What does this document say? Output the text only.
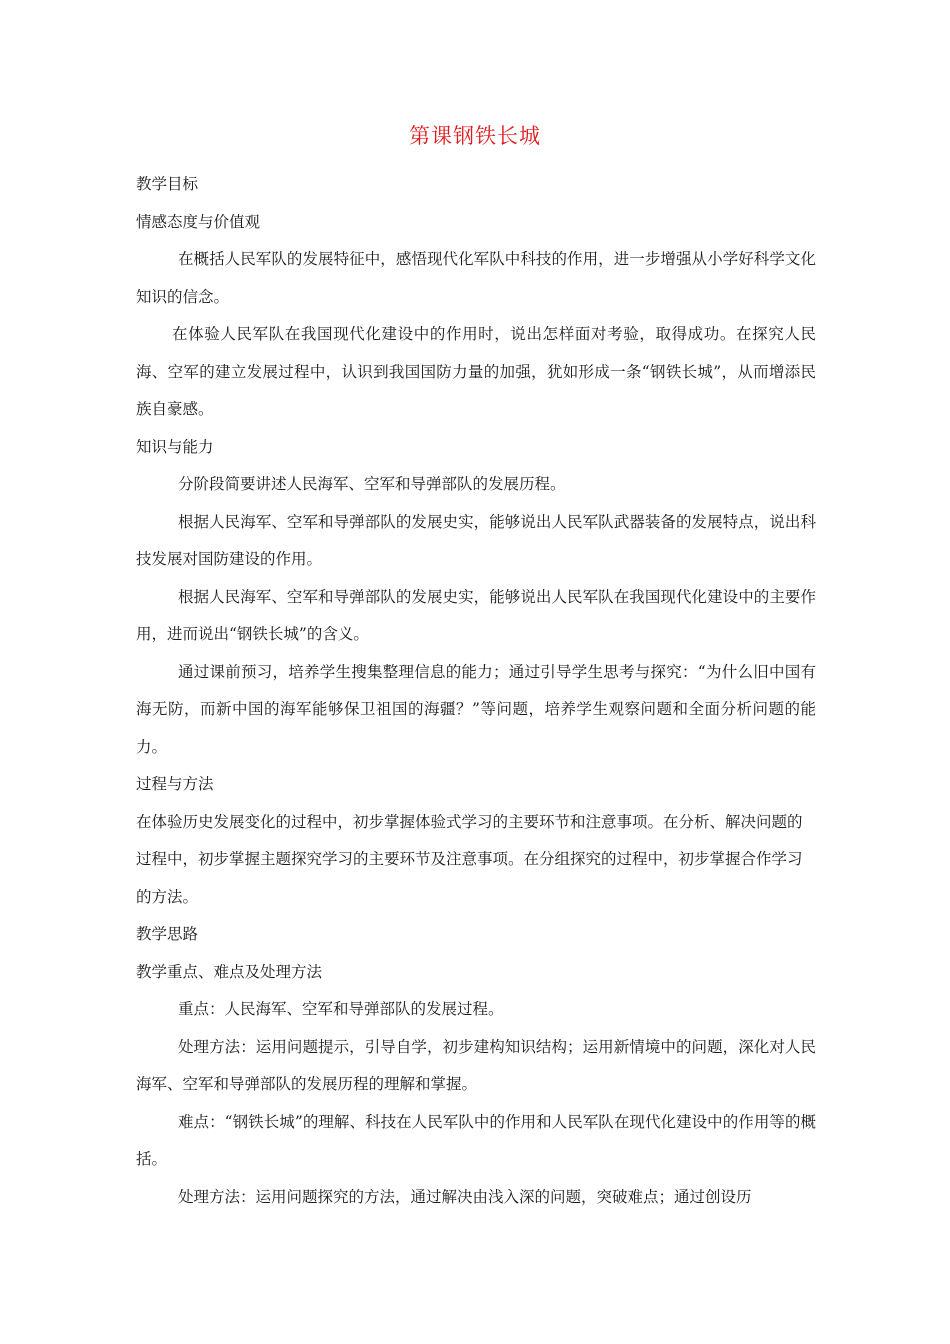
第课钢铁长城

教学目标

情感态度与价值观

在概括人民军队的发展特征中，感悟现代化军队中科技的作用，进一步增强从小学好科学文化知识的信念。

在体验人民军队在我国现代化建设中的作用时，说出怎样面对考验，取得成功。在探究人民海、空军的建立发展过程中，认识到我国国防力量的加强，犹如形成一条“钢铁长城”，从而增添民族自豪感。

知识与能力

分阶段简要讲述人民海军、空军和导弹部队的发展历程。

根据人民海军、空军和导弹部队的发展史实，能够说出人民军队武器装备的发展特点，说出科技发展对国防建设的作用。

根据人民海军、空军和导弹部队的发展史实，能够说出人民军队在我国现代化建设中的主要作用，进而说出“钢铁长城”的含义。

通过课前预习，培养学生搜集整理信息的能力；通过引导学生思考与探究：“为什么旧中国有海无防，而新中国的海军能够保卫祖国的海疆？”等问题，培养学生观察问题和全面分析问题的能力。

过程与方法

在体验历史发展变化的过程中，初步掌握体验式学习的主要环节和注意事项。在分析、解决问题的过程中，初步掌握主题探究学习的主要环节及注意事项。在分组探究的过程中，初步掌握合作学习的方法。

教学思路

教学重点、难点及处理方法

重点：人民海军、空军和导弹部队的发展过程。

处理方法：运用问题提示，引导自学，初步建构知识结构；运用新情境中的问题，深化对人民海军、空军和导弹部队的发展历程的理解和掌握。

难点：“钢铁长城”的理解、科技在人民军队中的作用和人民军队在现代化建设中的作用等的概括。

处理方法：运用问题探究的方法，通过解决由浅入深的问题，突破难点；通过创设历
